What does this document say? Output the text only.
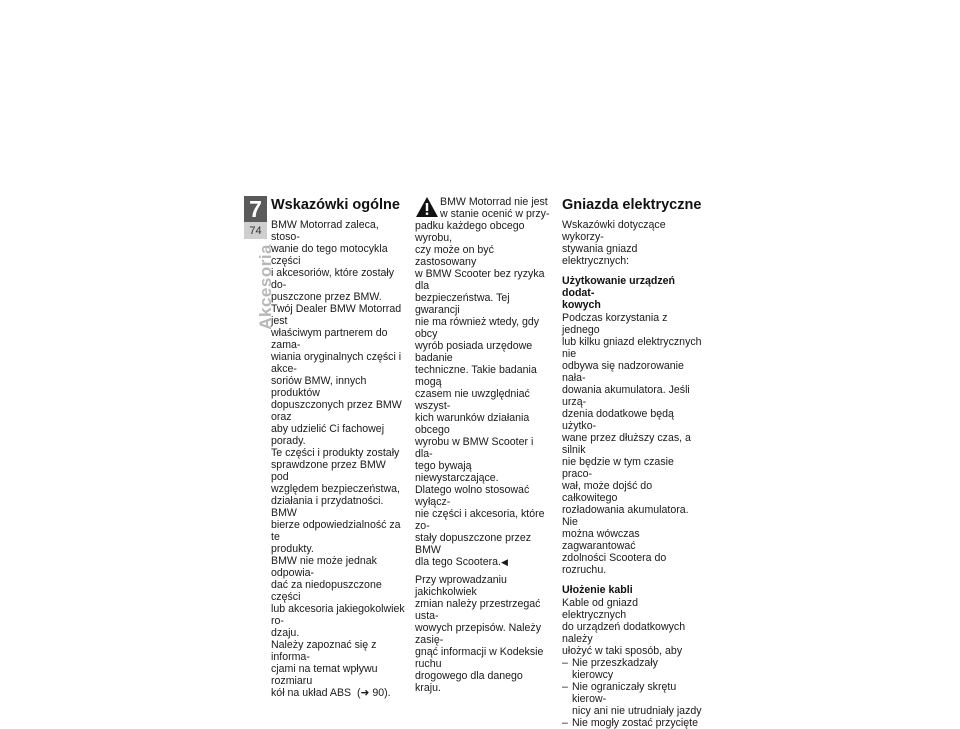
7
74
Akcesoria
Wskazówki ogólne

BMW Motorrad zaleca, stoso-
wanie do tego motocykla części
i akcesoriów, które zostały do-
puszczone przez BMW.
Twój Dealer BMW Motorrad jest
właściwym partnerem do zama-
wiania oryginalnych części i akce-
soriów BMW, innych produktów
dopuszczonych przez BMW oraz
aby udzielić Ci fachowej porady.
Te części i produkty zostały
sprawdzone przez BMW pod
względem bezpieczeństwa,
działania i przydatności. BMW
bierze odpowiedzialność za te
produkty.
BMW nie może jednak odpowia-
dać za niedopuszczone części
lub akcesoria jakiegokolwiek ro-
dzaju.
Należy zapoznać się z informa-
cjami na temat wpływu rozmiaru
kół na układ ABS (➜ 90).

BMW Motorrad nie jest
w stanie ocenić w przy-

padku każdego obcego wyrobu,
czy może on być zastosowany
w BMW Scooter bez ryzyka dla
bezpieczeństwa. Tej gwarancji
nie ma również wtedy, gdy obcy
wyrób posiada urzędowe badanie
techniczne. Takie badania mogą
czasem nie uwzględniać wszyst-
kich warunków działania obcego
wyrobu w BMW Scooter i dla-
tego bywają niewystarczające.
Dlatego wolno stosować wyłącz-
nie części i akcesoria, które zo-
stały dopuszczone przez BMW
dla tego Scootera.◀

Przy wprowadzaniu jakichkolwiek
zmian należy przestrzegać usta-
wowych przepisów. Należy zasię-
gnąć informacji w Kodeksie ruchu
drogowego dla danego kraju.

Gniazda elektryczne

Wskazówki dotyczące wykorzy-
stywania gniazd elektrycznych:

Użytkowanie urządzeń dodat-
kowych

Podczas korzystania z jednego
lub kilku gniazd elektrycznych nie
odbywa się nadzorowanie nała-
dowania akumulatora. Jeśli urzą-
dzenia dodatkowe będą użytko-
wane przez dłuższy czas, a silnik
nie będzie w tym czasie praco-
wał, może dojść do całkowitego
rozładowania akumulatora. Nie
można wówczas zagwarantować
zdolności Scootera do rozruchu.

Ułożenie kabli

Kable od gniazd elektrycznych
do urządzeń dodatkowych należy
ułożyć w taki sposób, aby

– Nie przeszkadzały kierowcy
– Nie ograniczały skrętu kierow-
nicy ani nie utrudniały jazdy
– Nie mogły zostać przycięte
